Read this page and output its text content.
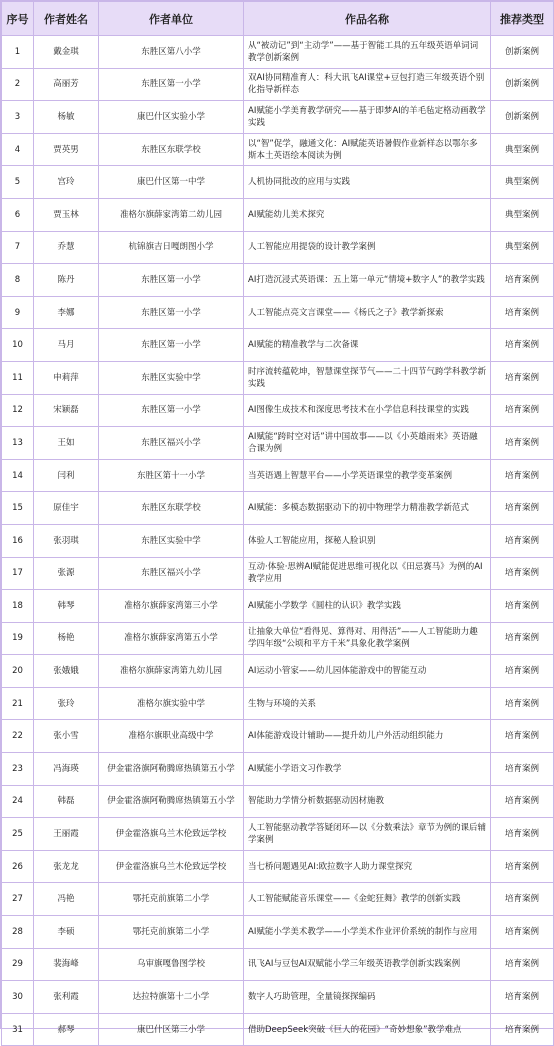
序号	作者姓名	作者单位	作品名称	推荐类型
1	戴金琪	东胜区第八小学	从“被动记”到“主动学”——基于智能工具的五年级英语单词词教学创新案例	创新案例
2	高丽芳	东胜区第一小学	双AI协同精准育人：科大讯飞AI课堂+豆包打造三年级英语个别化指导新样态	创新案例
3	杨敏	康巴什区实验小学	AI赋能小学美育教学研究——基于即梦AI的羊毛毡定格动画教学实践	创新案例
4	贾英男	东胜区东联学校	以“智”促学，融通文化：AI赋能英语暑假作业新样态以鄂尔多斯本土英语绘本阅读为例	典型案例
5	宫玲	康巴什区第一中学	人机协同批改的应用与实践	典型案例
6	贾玉林	准格尔旗薛家湾第二幼儿园	AI赋能幼儿美术探究	典型案例
7	乔慧	杭锦旗吉日嘎朗图小学	人工智能应用提袋的设计教学案例	典型案例
8	陈丹	东胜区第一小学	AI打造沉浸式英语课：五上第一单元“情境+数字人”的教学实践	培育案例
9	李娜	东胜区第一小学	人工智能点亮文言课堂——《杨氏之子》教学新探索	培育案例
10	马月	东胜区第一小学	AI赋能的精准教学与二次备课	培育案例
11	申莉萍	东胜区实验中学	时序流转蕴乾坤，智慧课堂探节气——二十四节气跨学科教学新实践	培育案例
12	宋颖磊	东胜区第一小学	AI图像生成技术和深度思考技术在小学信息科技课堂的实践	培育案例
13	王如	东胜区福兴小学	AI赋能“跨时空对话”讲中国故事——以《小英雄雨来》英语融合课为例	培育案例
14	闫利	东胜区第十一小学	当英语遇上智慧平台——小学英语课堂的教学变革案例	培育案例
15	原佳宇	东胜区东联学校	AI赋能：多模态数据驱动下的初中物理学力精准教学新范式	培育案例
16	张羽琪	东胜区实验中学	体验人工智能应用，探秘人脸识别	培育案例
17	张源	东胜区福兴小学	互动·体验·思辨AI赋能促进思维可视化以《田忌赛马》为例的AI教学应用	培育案例
18	韩琴	准格尔旗薛家湾第三小学	AI赋能小学数学《圆柱的认识》教学实践	培育案例
19	杨艳	准格尔旗薛家湾第五小学	让抽象大单位“看得见、算得对、用得活”——人工智能助力趣学四年级“公顷和平方千米”具象化教学案例	培育案例
20	张娥娥	准格尔旗薛家湾第九幼儿园	AI运动小管家——幼儿园体能游戏中的智能互动	培育案例
21	张玲	准格尔旗实验中学	生物与环境的关系	培育案例
22	张小雪	准格尔旗职业高级中学	AI体能游戏设计辅助——提升幼儿户外活动组织能力	培育案例
23	冯海瑛	伊金霍洛旗阿勒腾席热镇第五小学	AI赋能小学语文习作教学	培育案例
24	韩磊	伊金霍洛旗阿勒腾席热镇第五小学	智能助力学情分析数据驱动因材施教	培育案例
25	王丽霞	伊金霍洛旗乌兰木伦致远学校	人工智能驱动教学答疑闭环—以《分数乘法》章节为例的课后辅学案例	培育案例
26	张龙龙	伊金霍洛旗乌兰木伦致远学校	当七桥问题遇见AI:欧拉数字人助力课堂探究	培育案例
27	冯艳	鄂托克前旗第二小学	人工智能赋能音乐课堂——《金蛇狂舞》教学的创新实践	培育案例
28	李硕	鄂托克前旗第二小学	AI赋能小学美术教学——小学美术作业评价系统的制作与应用	培育案例
29	裴海峰	乌审旗嘎鲁图学校	讯飞AI与豆包AI双赋能小学三年级英语教学创新实践案例	培育案例
30	张利霞	达拉特旗第十二小学	数字人巧助管理，全量镜探探编码	培育案例
31	郝琴	康巴什区第三小学	借助DeepSeek突破《巨人的花园》“奇妙想象”教学难点	培育案例
